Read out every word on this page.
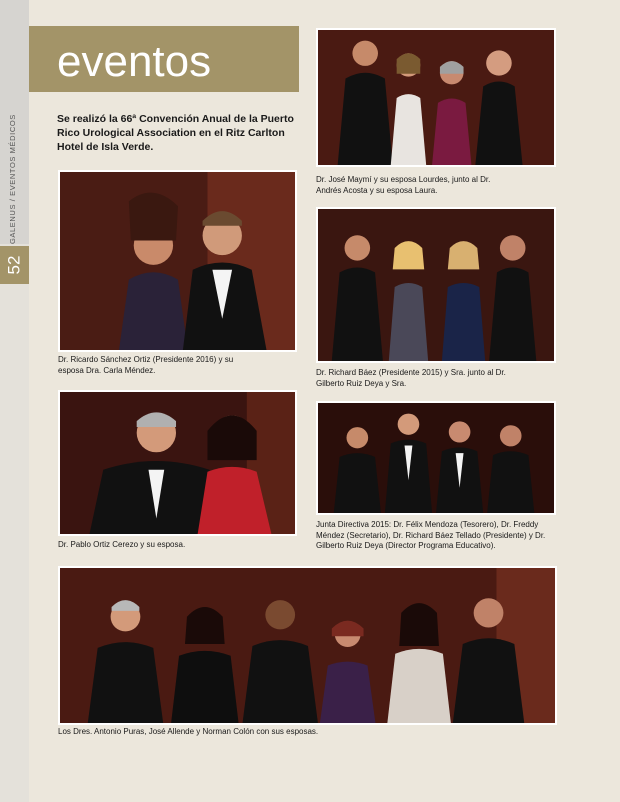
GALENUS / EVENTOS MÉDICOS
52
eventos
Se realizó la 66ª Convención Anual de la Puerto Rico Urological Association en el Ritz Carlton Hotel de Isla Verde.
Dr. Ricardo Sánchez Ortiz (Presidente 2016) y su esposa Dra. Carla Méndez.
Dr. José Maymí y su esposa Lourdes, junto al Dr. Andrés Acosta y su esposa Laura.
Dr. Richard Báez (Presidente 2015) y Sra. junto al Dr. Gilberto Ruiz Deya y Sra.
Dr. Pablo Ortiz Cerezo y su esposa.
Junta Directiva 2015: Dr. Félix Mendoza (Tesorero), Dr. Freddy Méndez (Secretario), Dr. Richard Báez Tellado (Presidente) y Dr. Gilberto Ruiz Deya (Director Programa Educativo).
Los Dres. Antonio Puras, José Allende y Norman Colón con sus esposas.
